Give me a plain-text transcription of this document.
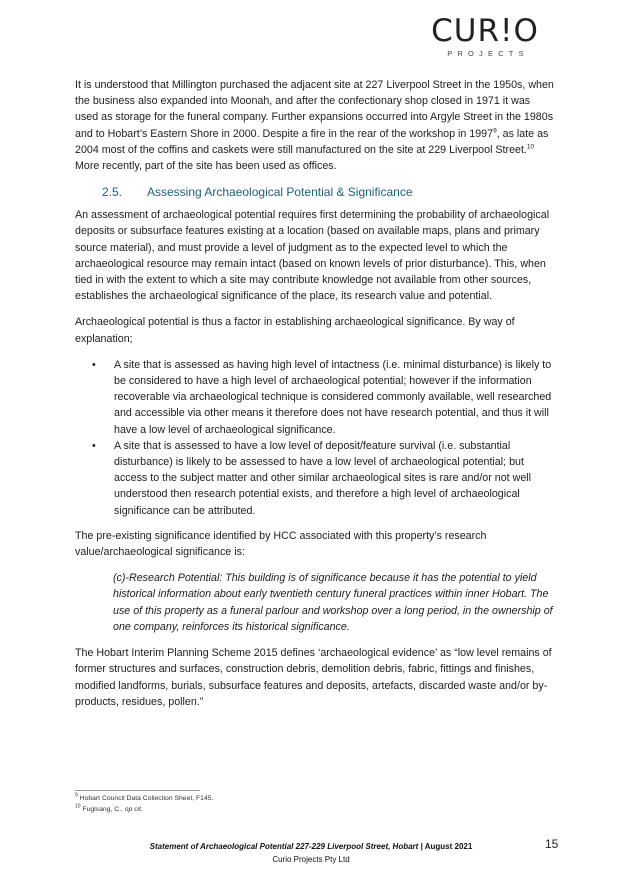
CUR!O
PROJECTS

It is understood that Millington purchased the adjacent site at 227 Liverpool Street in the 1950s, when the business also expanded into Moonah, and after the confectionary shop closed in 1971 it was used as storage for the funeral company. Further expansions occurred into Argyle Street in the 1980s and to Hobart’s Eastern Shore in 2000. Despite a fire in the rear of the workshop in 1997$^9$, as late as 2004 most of the coffins and caskets were still manufactured on the site at 229 Liverpool Street.$^{10}$ More recently, part of the site has been used as offices.

2.5. Assessing Archaeological Potential & Significance

An assessment of archaeological potential requires first determining the probability of archaeological deposits or subsurface features existing at a location (based on available maps, plans and primary source material), and must provide a level of judgment as to the expected level to which the archaeological resource may remain intact (based on known levels of prior disturbance). This, when tied in with the extent to which a site may contribute knowledge not available from other sources, establishes the archaeological significance of the place, its research value and potential.

Archaeological potential is thus a factor in establishing archaeological significance. By way of explanation;

• A site that is assessed as having high level of intactness (i.e. minimal disturbance) is likely to be considered to have a high level of archaeological potential; however if the information recoverable via archaeological technique is considered commonly available, well researched and accessible via other means it therefore does not have research potential, and thus it will have a low level of archaeological significance.
• A site that is assessed to have a low level of deposit/feature survival (i.e. substantial disturbance) is likely to be assessed to have a low level of archaeological potential; but access to the subject matter and other similar archaeological sites is rare and/or not well understood then research potential exists, and therefore a high level of archaeological significance can be attributed.

The pre-existing significance identified by HCC associated with this property’s research value/archaeological significance is:

(c)-Research Potential: This building is of significance because it has the potential to yield historical information about early twentieth century funeral practices within inner Hobart. The use of this property as a funeral parlour and workshop over a long period, in the ownership of one company, reinforces its historical significance.

The Hobart Interim Planning Scheme 2015 defines ‘archaeological evidence’ as “low level remains of former structures and surfaces, construction debris, demolition debris, fabric, fittings and finishes, modified landforms, burials, subsurface features and deposits, artefacts, discarded waste and/or by-products, residues, pollen.”

$^9$ Hobart Council Data Collection Sheet, F145.
$^{10}$ Fuglsang, C., op cit.
Statement of Archaeological Potential 227-229 Liverpool Street, Hobart | August 2021
Curio Projects Pty Ltd
15
